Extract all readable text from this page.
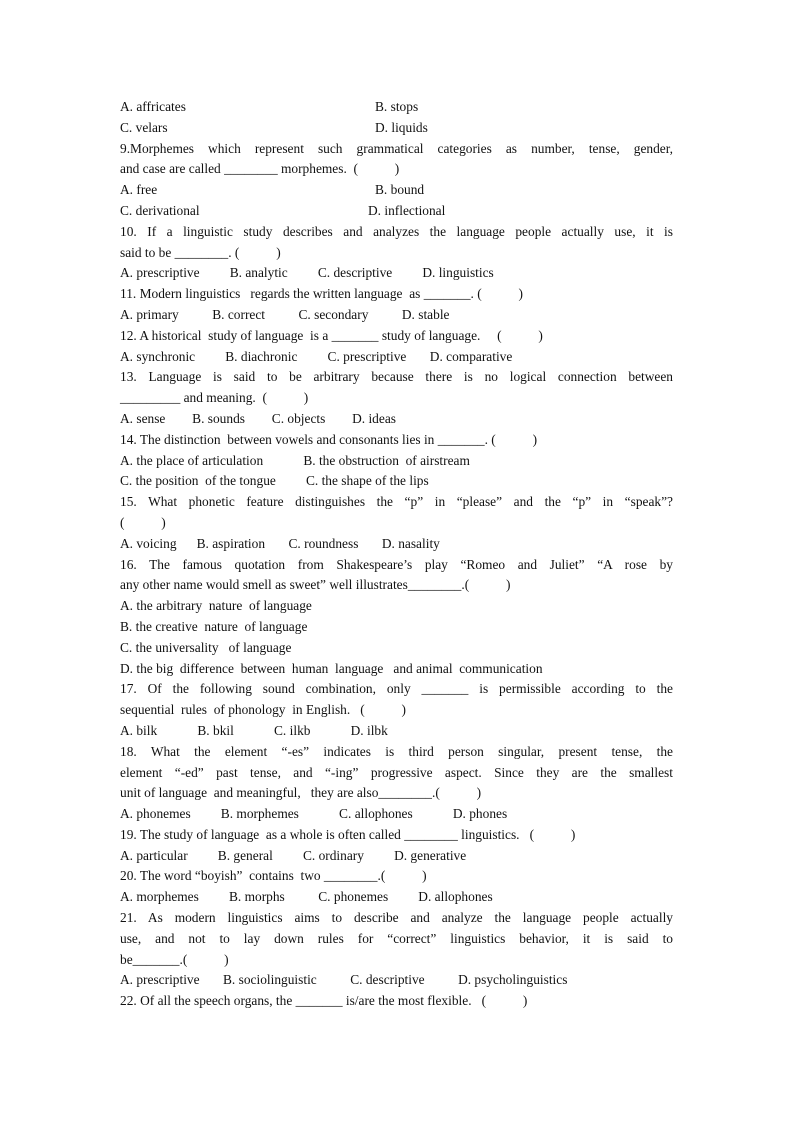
A. affricates	B. stops
C. velars	D. liquids
9.Morphemes which represent such grammatical categories as number, tense, gender,
and case are called ________ morphemes.  (           )
A. free	B. bound
C. derivational	D. inflectional
10. If a linguistic study describes and analyzes the language people actually use, it is
said to be ________. (           )
A. prescriptive         B. analytic         C. descriptive         D. linguistics
11. Modern linguistics   regards the written language  as _______. (           )
A. primary          B. correct          C. secondary          D. stable
12. A historical  study of language  is a _______ study of language.     (           )
A. synchronic         B. diachronic         C. prescriptive       D. comparative
13. Language is said to be arbitrary because there is no logical connection between
_________ and meaning.  (           )
A. sense        B. sounds        C. objects        D. ideas
14. The distinction  between vowels and consonants lies in _______. (           )
A. the place of articulation            B. the obstruction  of airstream
C. the position  of the tongue         C. the shape of the lips
15. What phonetic feature distinguishes the “p” in “please” and the “p” in “speak”?
(           )
A. voicing      B. aspiration       C. roundness       D. nasality
16. The famous quotation from Shakespeare’s play “Romeo and Juliet” “A rose by
any other name would smell as sweet” well illustrates________.(           )
A. the arbitrary  nature  of language
B. the creative  nature  of language
C. the universality   of language
D. the big  difference  between  human  language   and animal  communication
17. Of the following sound combination, only _______ is permissible according to the
sequential  rules  of phonology  in English.   (           )
A. bilk            B. bkil            C. ilkb            D. ilbk
18. What the element “-es” indicates is third person singular, present tense, the
element “-ed” past tense, and “-ing” progressive aspect. Since they are the smallest
unit of language  and meaningful,   they are also________.(           )
A. phonemes         B. morphemes            C. allophones            D. phones
19. The study of language  as a whole is often called ________ linguistics.   (           )
A. particular         B. general         C. ordinary         D. generative
20. The word “boyish”  contains  two ________.(           )
A. morphemes         B. morphs          C. phonemes         D. allophones
21. As modern linguistics aims to describe and analyze the language people actually
use, and not to lay down rules for “correct” linguistics behavior, it is said to
be_______.(           )
A. prescriptive       B. sociolinguistic          C. descriptive          D. psycholinguistics
22. Of all the speech organs, the _______ is/are the most flexible.   (           )
